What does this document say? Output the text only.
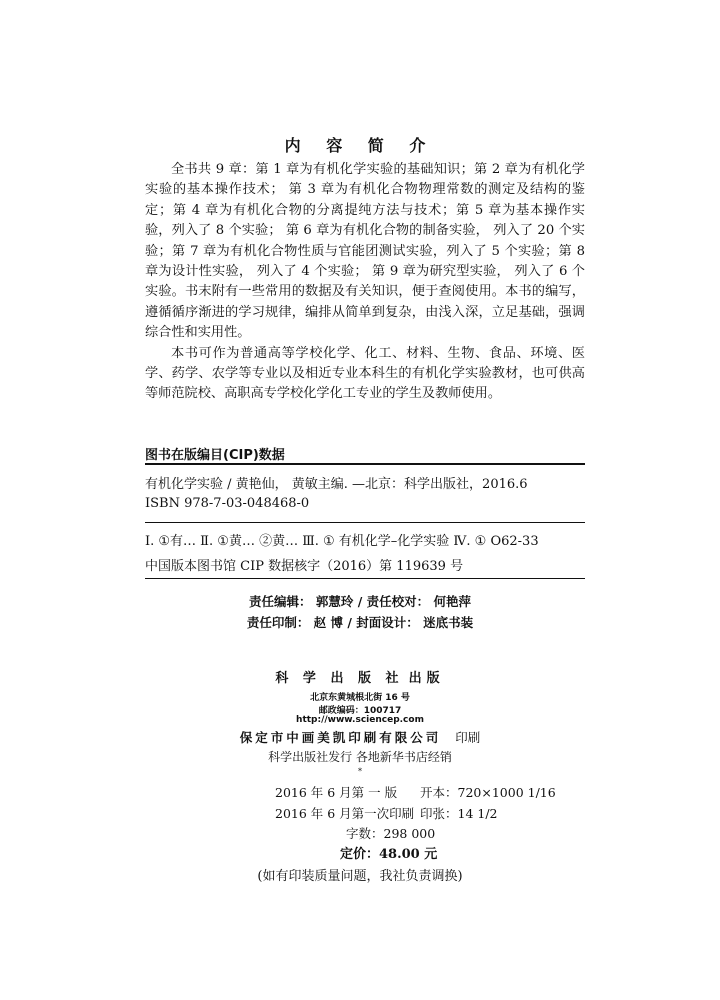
内 容 简 介

全书共 9 章：第 1 章为有机化学实验的基础知识；第 2 章为有机化学实验的基本操作技术； 第 3 章为有机化合物物理常数的测定及结构的鉴定；第 4 章为有机化合物的分离提纯方法与技术；第 5 章为基本操作实验，列入了 8 个实验； 第 6 章为有机化合物的制备实验， 列入了 20 个实验；第 7 章为有机化合物性质与官能团测试实验，列入了 5 个实验；第 8 章为设计性实验， 列入了 4 个实验； 第 9 章为研究型实验， 列入了 6 个实验。书末附有一些常用的数据及有关知识，便于查阅使用。本书的编写，遵循循序渐进的学习规律，编排从简单到复杂，由浅入深，立足基础，强调综合性和实用性。

本书可作为普通高等学校化学、化工、材料、生物、食品、环境、医学、药学、农学等专业以及相近专业本科生的有机化学实验教材，也可供高等师范院校、高职高专学校化学化工专业的学生及教师使用。

图书在版编目(CIP)数据
有机化学实验 / 黄艳仙， 黄敏主编. —北京：科学出版社，2016.6
ISBN 978-7-03-048468-0
Ⅰ. ①有… Ⅱ. ①黄… ②黄… Ⅲ. ① 有机化学–化学实验 Ⅳ. ① O62-33
中国版本图书馆 CIP 数据核字（2016）第 119639 号
责任编辑： 郭慧玲 / 责任校对： 何艳萍
责任印制： 赵 博 / 封面设计： 迷底书装
科 学 出 版 社 出版
北京东黄城根北街 16 号
邮政编码：100717
http://www.sciencep.com
保定市中画美凯印刷有限公司 印刷
科学出版社发行 各地新华书店经销
*
2016 年 6 月第 一 版 开本：720×1000 1/16
2016 年 6 月第一次印刷 印张：14 1/2
字数：298 000
定价：48.00 元
(如有印装质量问题，我社负责调换)
